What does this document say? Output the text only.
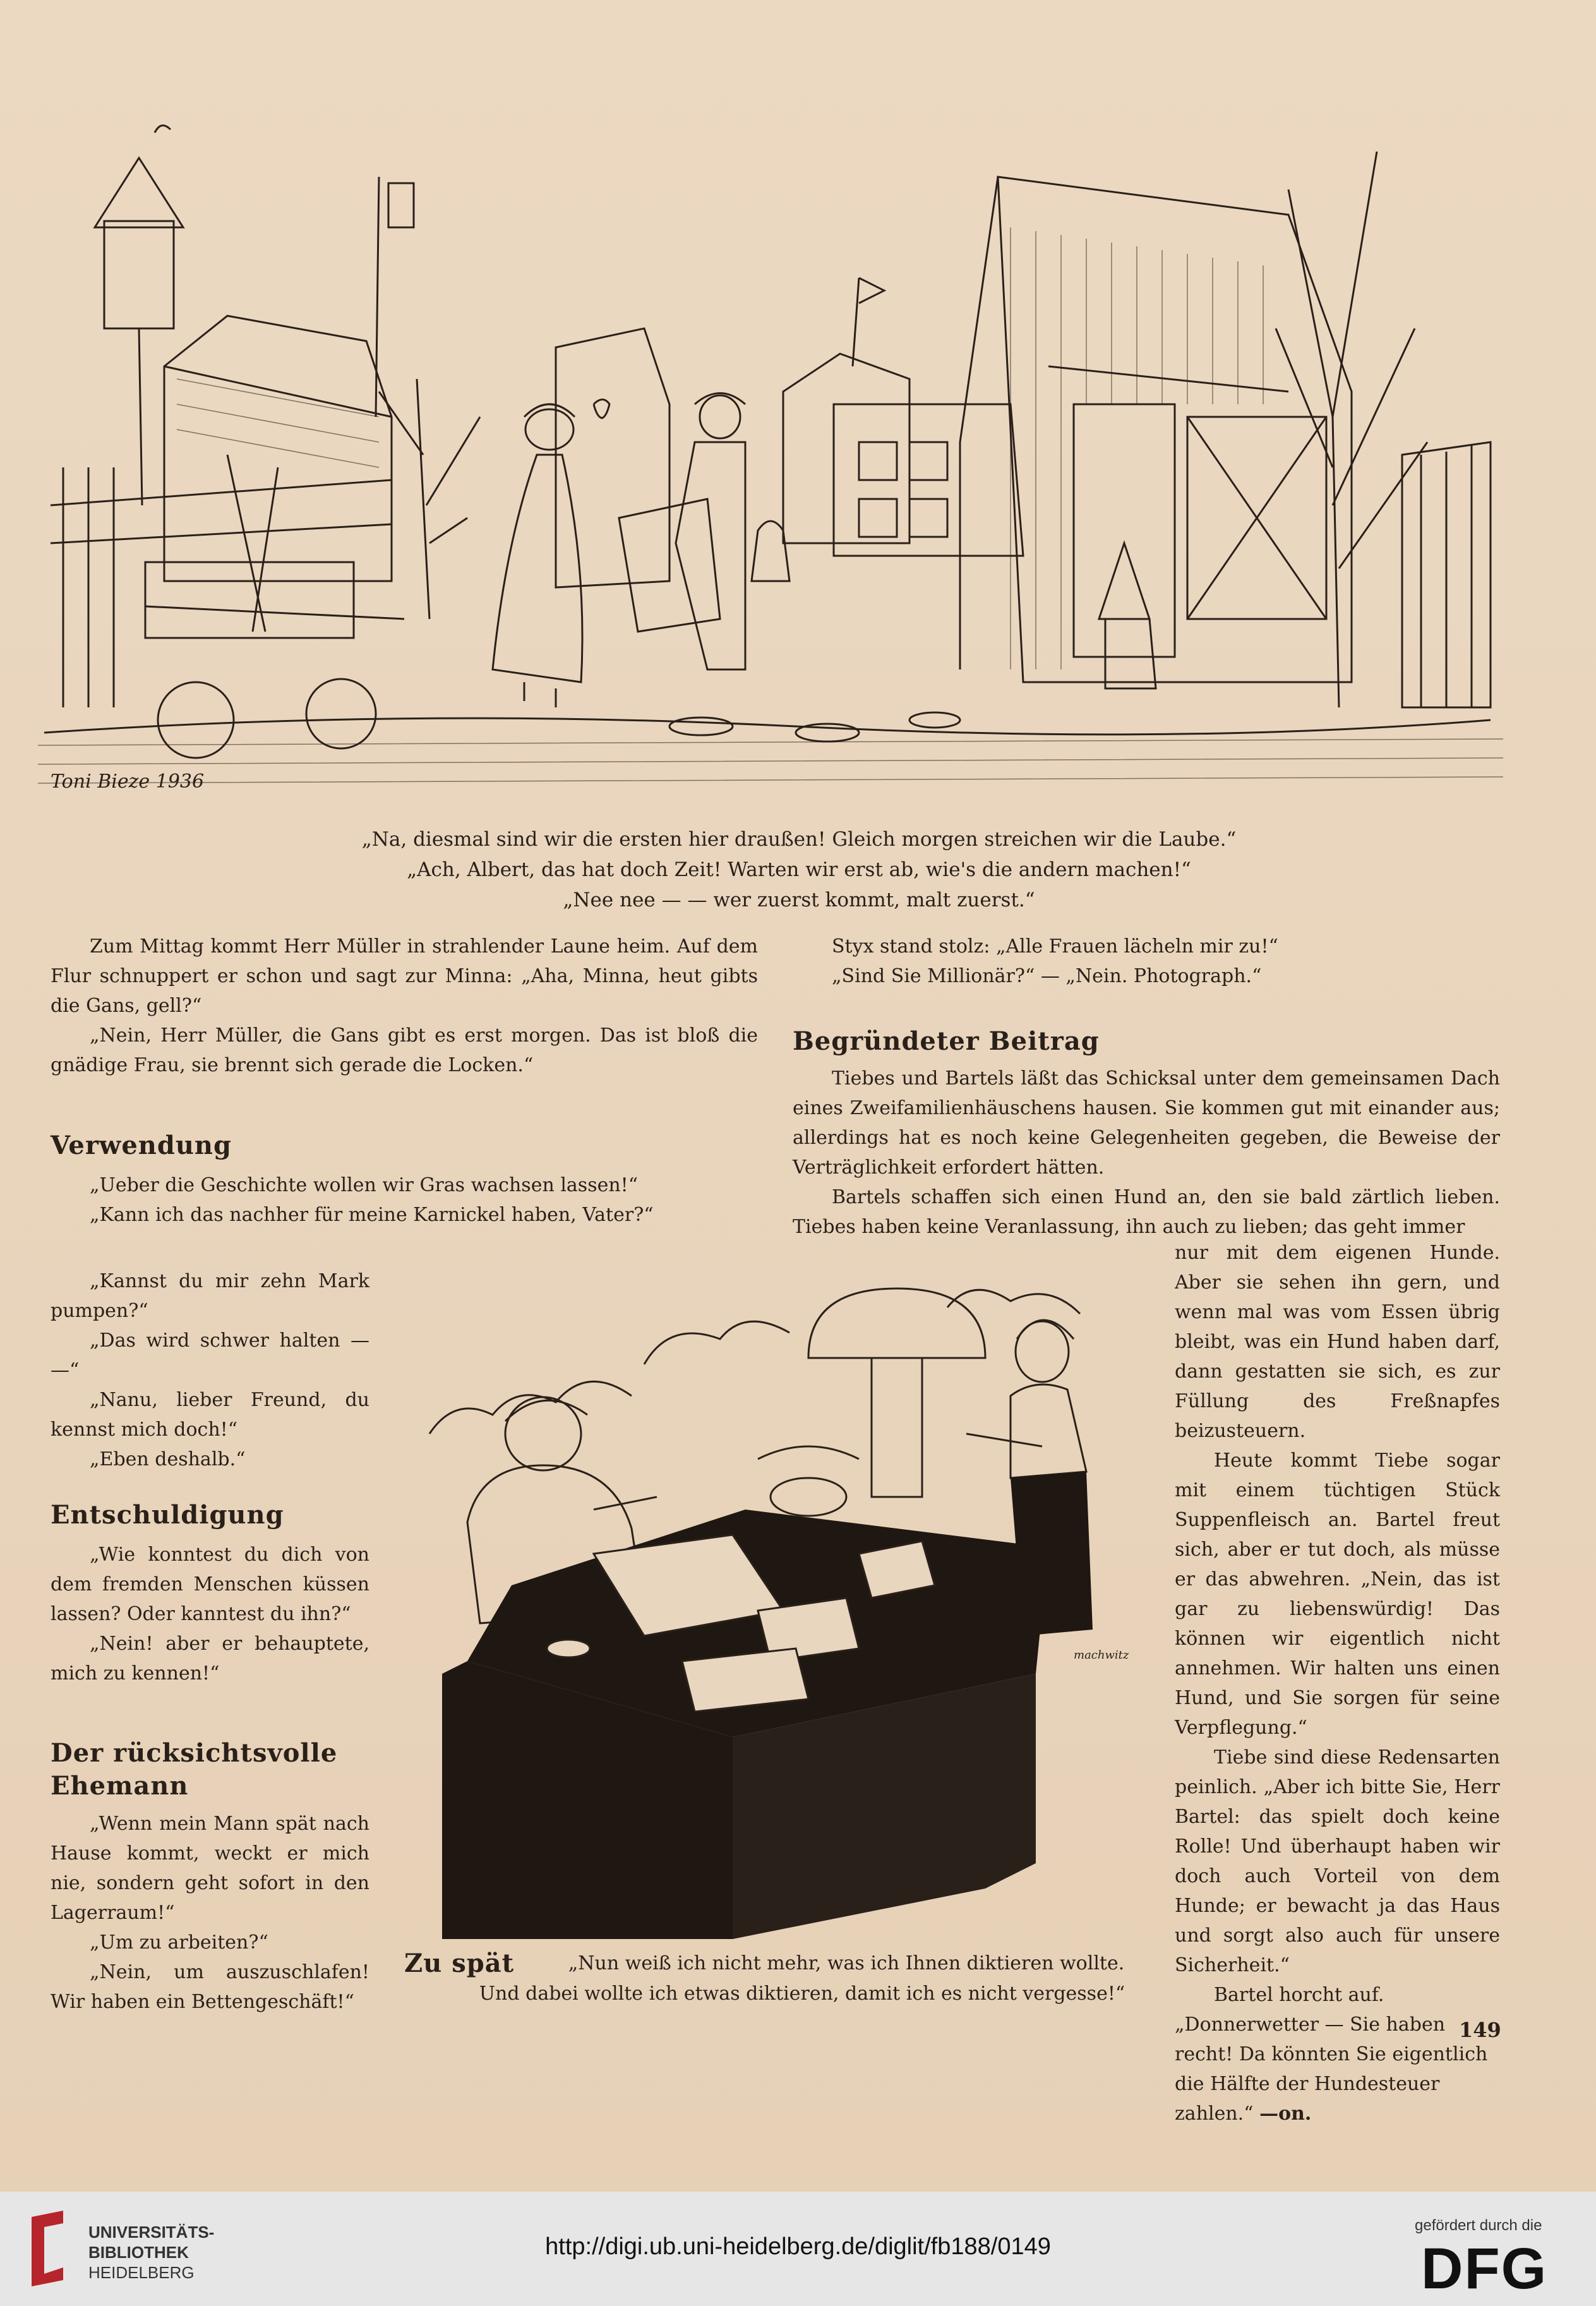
Toni Bieze 1936

„Na, diesmal sind wir die ersten hier draußen! Gleich morgen streichen wir die Laube.“

„Ach, Albert, das hat doch Zeit! Warten wir erst ab, wie's die andern machen!“

„Nee nee — — wer zuerst kommt, malt zuerst.“

Zum Mittag kommt Herr Müller in strahlender Laune heim. Auf dem Flur schnuppert er schon und sagt zur Minna: „Aha, Minna, heut gibts die Gans, gell?“

„Nein, Herr Müller, die Gans gibt es erst morgen. Das ist bloß die gnädige Frau, sie brennt sich gerade die Locken.“

Verwendung

„Ueber die Geschichte wollen wir Gras wachsen lassen!“

„Kann ich das nachher für meine Karnickel haben, Vater?“

„Kannst du mir zehn Mark pumpen?“

„Das wird schwer halten — —“

„Nanu, lieber Freund, du kennst mich doch!“

„Eben deshalb.“

Entschuldigung

„Wie konntest du dich von dem fremden Menschen küssen lassen? Oder kanntest du ihn?“

„Nein! aber er behauptete, mich zu kennen!“

Der rücksichtsvolle

Ehemann

„Wenn mein Mann spät nach Hause kommt, weckt er mich nie, sondern geht sofort in den Lagerraum!“

„Um zu arbeiten?“

„Nein, um auszuschlafen! Wir haben ein Bettengeschäft!“

Styx stand stolz: „Alle Frauen lächeln mir zu!“

„Sind Sie Millionär?“ — „Nein. Photograph.“

Begründeter Beitrag

Tiebes und Bartels läßt das Schicksal unter dem gemeinsamen Dach eines Zweifamilienhäuschens hausen. Sie kommen gut mit einander aus; allerdings hat es noch keine Gelegenheiten gegeben, die Beweise der Verträglichkeit erfordert hätten.

Bartels schaffen sich einen Hund an, den sie bald zärtlich lieben. Tiebes haben keine Veranlassung, ihn auch zu lieben; das geht immer

nur mit dem eigenen Hunde. Aber sie sehen ihn gern, und wenn mal was vom Essen übrig bleibt, was ein Hund haben darf, dann gestatten sie sich, es zur Füllung des Freßnapfes beizusteuern.

Heute kommt Tiebe sogar mit einem tüchtigen Stück Suppenfleisch an. Bartel freut sich, aber er tut doch, als müsse er das abwehren. „Nein, das ist gar zu liebenswürdig! Das können wir eigentlich nicht annehmen. Wir halten uns einen Hund, und Sie sorgen für seine Verpflegung.“

Tiebe sind diese Redensarten peinlich. „Aber ich bitte Sie, Herr Bartel: das spielt doch keine Rolle! Und überhaupt haben wir doch auch Vorteil von dem Hunde; er bewacht ja das Haus und sorgt also auch für unsere Sicherheit.“

Bartel horcht auf. „Donnerwetter — Sie haben recht! Da könnten Sie eigentlich die Hälfte der Hundesteuer zahlen.“ —on.

machwitz
Zu spät	„Nun weiß ich nicht mehr, was ich Ihnen diktieren wollte.

Und dabei wollte ich etwas diktieren, damit ich es nicht vergesse!“

149
UNIVERSITÄTS-
BIBLIOTHEK
HEIDELBERG
http://digi.ub.uni-heidelberg.de/diglit/fb188/0149
gefördert durch die
DFG
